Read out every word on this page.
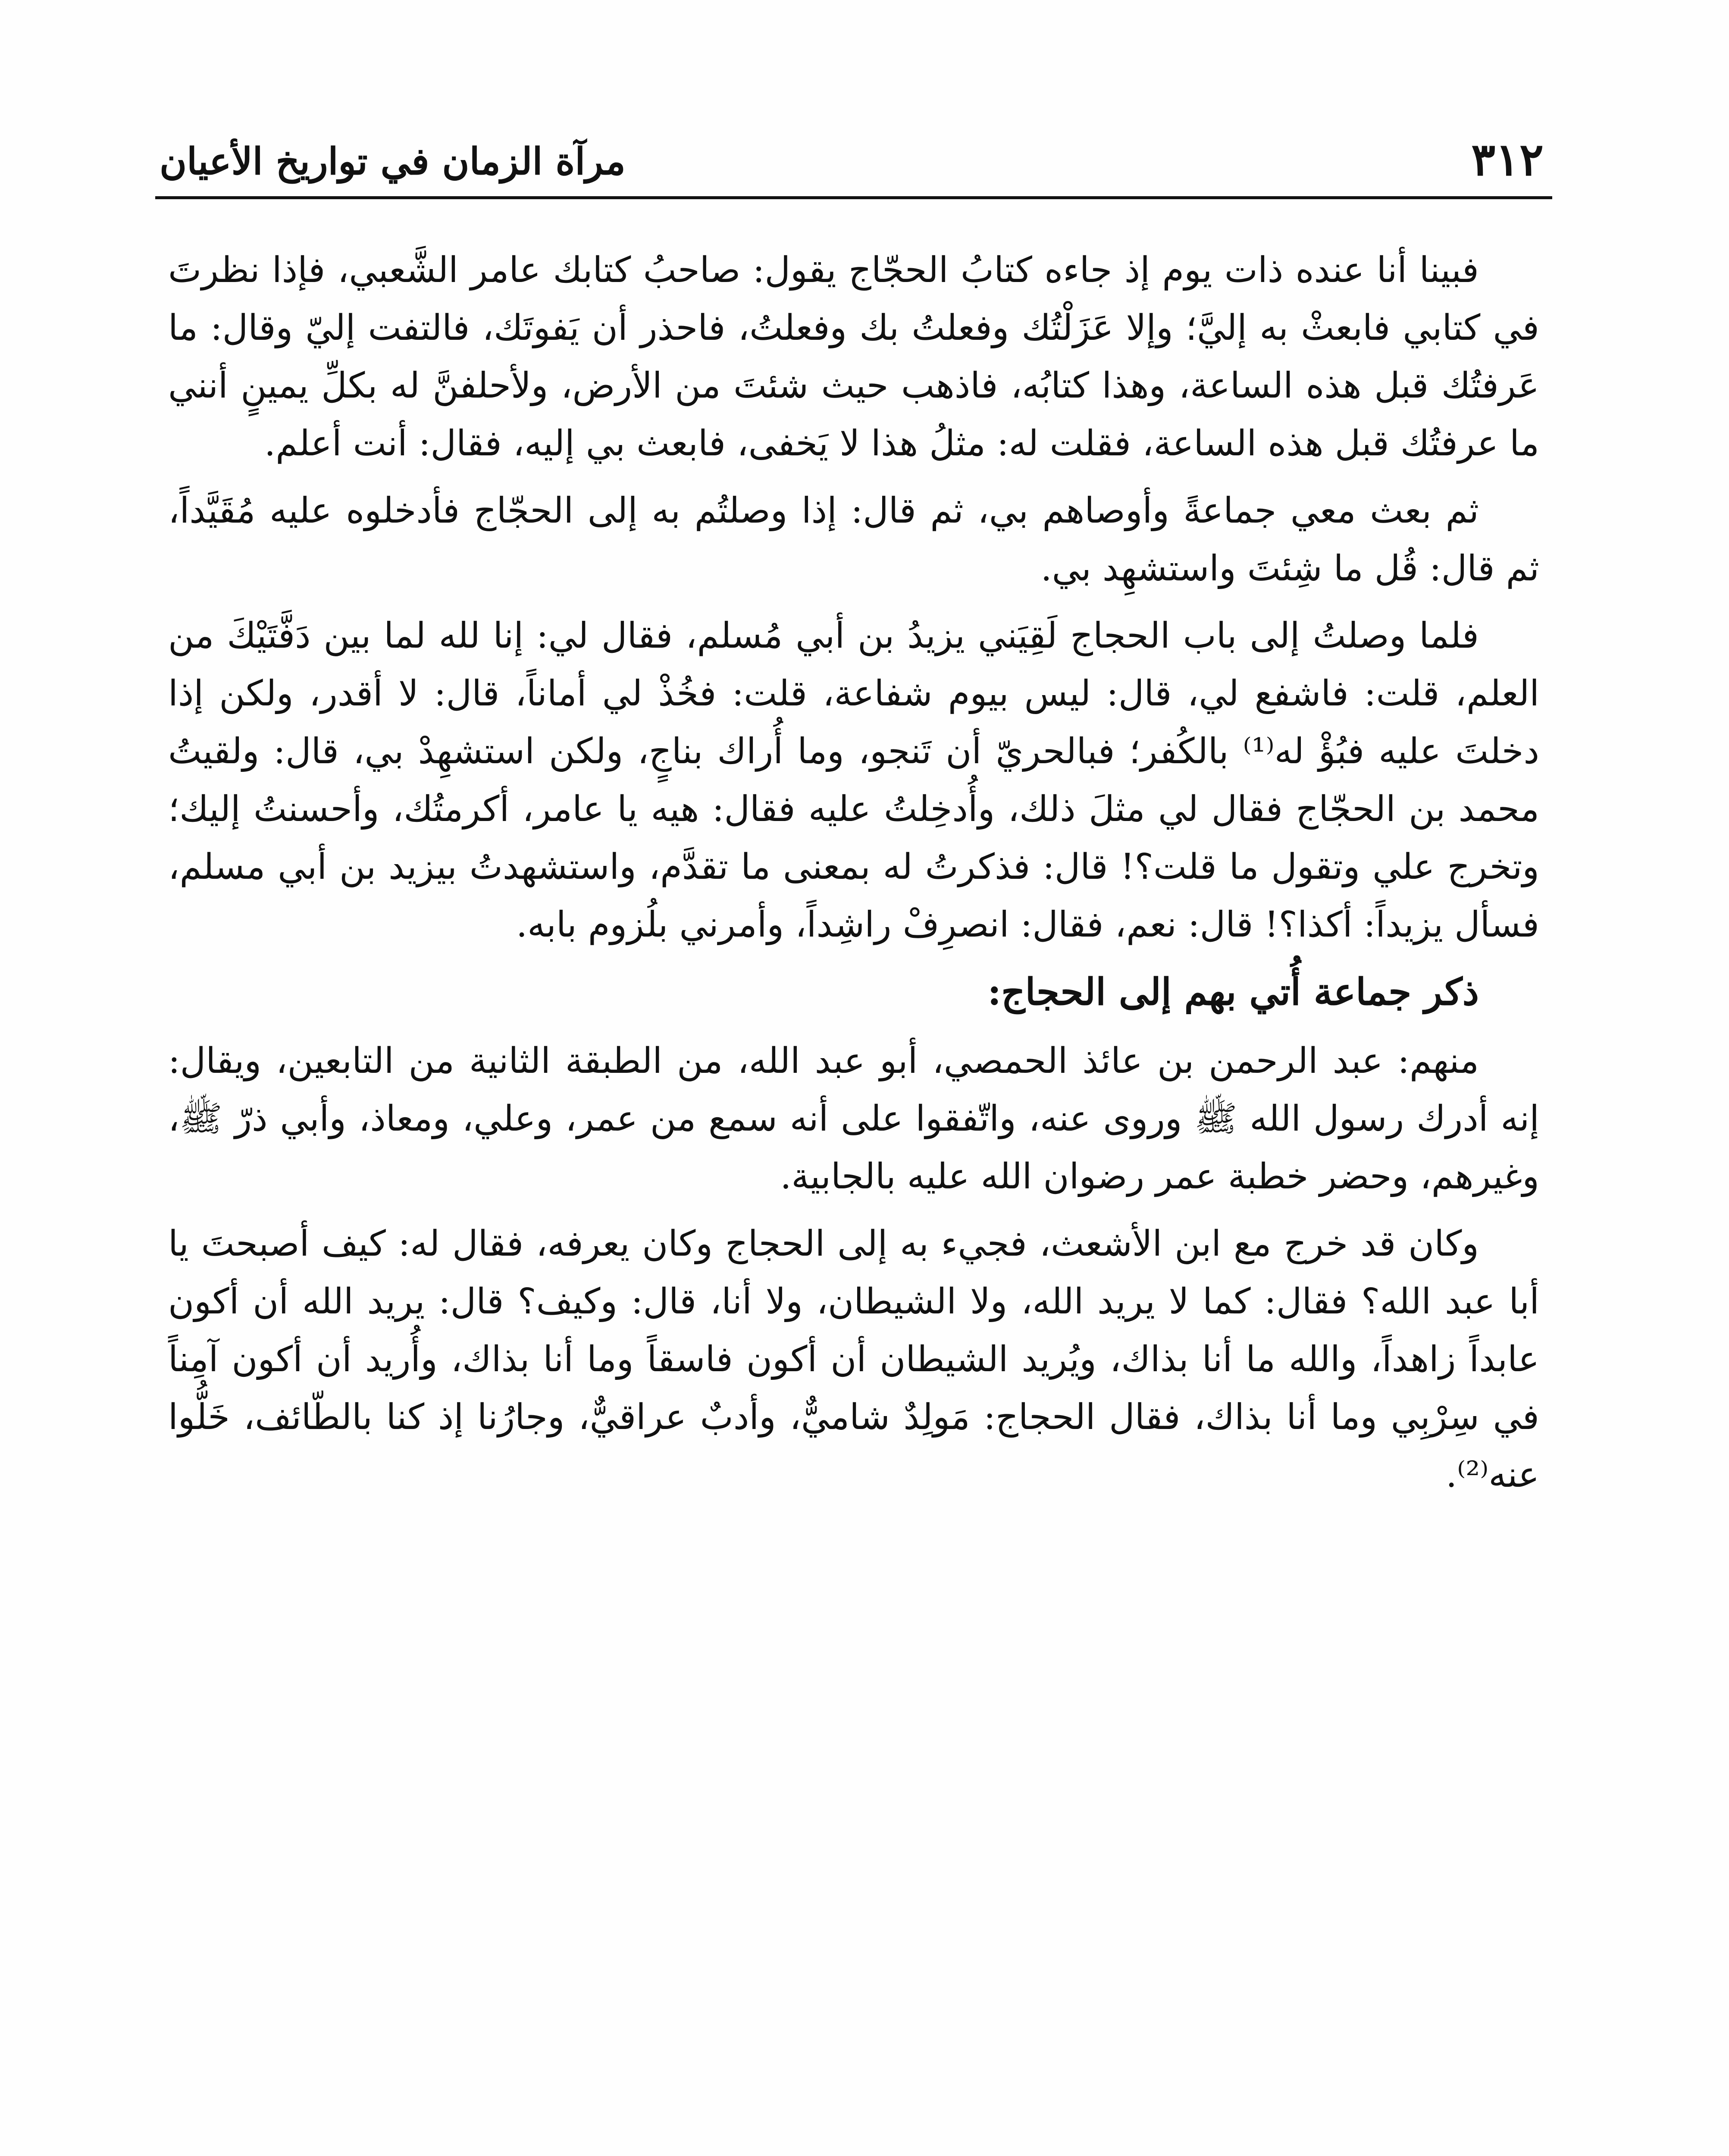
٣١٢
مرآة الزمان في تواريخ الأعيان

فبينا أنا عنده ذات يوم إذ جاءه كتابُ الحجّاج يقول: صاحبُ كتابك عامر الشَّعبي، فإذا نظرتَ في كتابي فابعثْ به إليَّ؛ وإلا عَزَلْتُك وفعلتُ بك وفعلتُ، فاحذر أن يَفوتَك، فالتفت إليّ وقال: ما عَرفتُك قبل هذه الساعة، وهذا كتابُه، فاذهب حيث شئتَ من الأرض، ولأحلفنَّ له بكلِّ يمينٍ أنني ما عرفتُك قبل هذه الساعة، فقلت له: مثلُ هذا لا يَخفى، فابعث بي إليه، فقال: أنت أعلم.

ثم بعث معي جماعةً وأوصاهم بي، ثم قال: إذا وصلتُم به إلى الحجّاج فأدخلوه عليه مُقَيَّداً، ثم قال: قُل ما شِئتَ واستشهِد بي.

فلما وصلتُ إلى باب الحجاج لَقِيَني يزيدُ بن أبي مُسلم، فقال لي: إنا لله لما بين دَفَّتَيْكَ من العلم، قلت: فاشفع لي، قال: ليس بيوم شفاعة، قلت: فخُذْ لي أماناً، قال: لا أقدر، ولكن إذا دخلتَ عليه فبُؤْ له⁽¹⁾ بالكُفر؛ فبالحريّ أن تَنجو، وما أُراك بناجٍ، ولكن استشهِدْ بي، قال: ولقيتُ محمد بن الحجّاج فقال لي مثلَ ذلك، وأُدخِلتُ عليه فقال: هيه يا عامر، أكرمتُك، وأحسنتُ إليك؛ وتخرج علي وتقول ما قلت؟! قال: فذكرتُ له بمعنى ما تقدَّم، واستشهدتُ بيزيد بن أبي مسلم، فسأل يزيداً: أكذا؟! قال: نعم، فقال: انصرِفْ راشِداً، وأمرني بلُزوم بابه.

ذكر جماعة أُتي بهم إلى الحجاج:

منهم: عبد الرحمن بن عائذ الحمصي، أبو عبد الله، من الطبقة الثانية من التابعين، ويقال: إنه أدرك رسول الله ﷺ وروى عنه، واتّفقوا على أنه سمع من عمر، وعلي، ومعاذ، وأبي ذرّ ﷺ، وغيرهم، وحضر خطبة عمر رضوان الله عليه بالجابية.

وكان قد خرج مع ابن الأشعث، فجيء به إلى الحجاج وكان يعرفه، فقال له: كيف أصبحتَ يا أبا عبد الله؟ فقال: كما لا يريد الله، ولا الشيطان، ولا أنا، قال: وكيف؟ قال: يريد الله أن أكون عابداً زاهداً، والله ما أنا بذاك، ويُريد الشيطان أن أكون فاسقاً وما أنا بذاك، وأُريد أن أكون آمِناً في سِرْبِي وما أنا بذاك، فقال الحجاج: مَولِدٌ شاميٌّ، وأدبٌ عراقيٌّ، وجارُنا إذ كنا بالطّائف، خَلُّوا عنه⁽²⁾.
